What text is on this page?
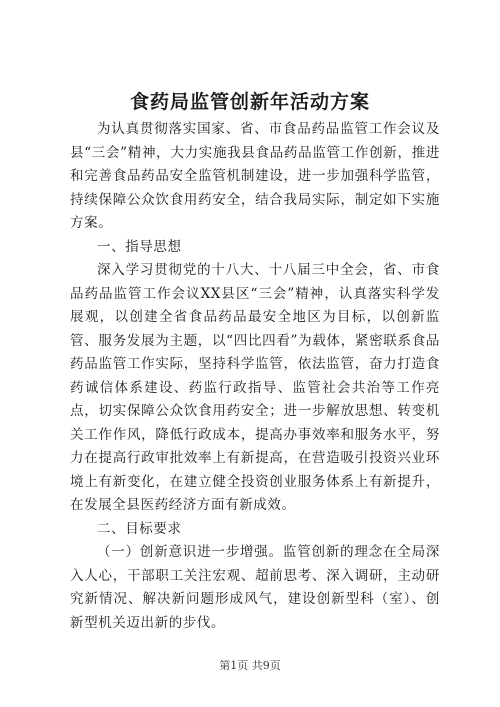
食药局监管创新年活动方案

为认真贯彻落实国家、省、市食品药品监管工作会议及县“三会”精神，大力实施我县食品药品监管工作创新，推进和完善食品药品安全监管机制建设，进一步加强科学监管，持续保障公众饮食用药安全，结合我局实际，制定如下实施方案。

一、指导思想

深入学习贯彻党的十八大、十八届三中全会，省、市食品药品监管工作会议XX县区“三会”精神，认真落实科学发展观，以创建全省食品药品最安全地区为目标，以创新监管、服务发展为主题，以“四比四看”为载体，紧密联系食品药品监管工作实际，坚持科学监管，依法监管，奋力打造食药诚信体系建设、药监行政指导、监管社会共治等工作亮点，切实保障公众饮食用药安全；进一步解放思想、转变机关工作作风，降低行政成本，提高办事效率和服务水平，努力在提高行政审批效率上有新提高，在营造吸引投资兴业环境上有新变化，在建立健全投资创业服务体系上有新提升，在发展全县医药经济方面有新成效。

二、目标要求

（一）创新意识进一步增强。监管创新的理念在全局深入人心，干部职工关注宏观、超前思考、深入调研，主动研究新情况、解决新问题形成风气，建设创新型科（室）、创新型机关迈出新的步伐。

第1页 共9页
